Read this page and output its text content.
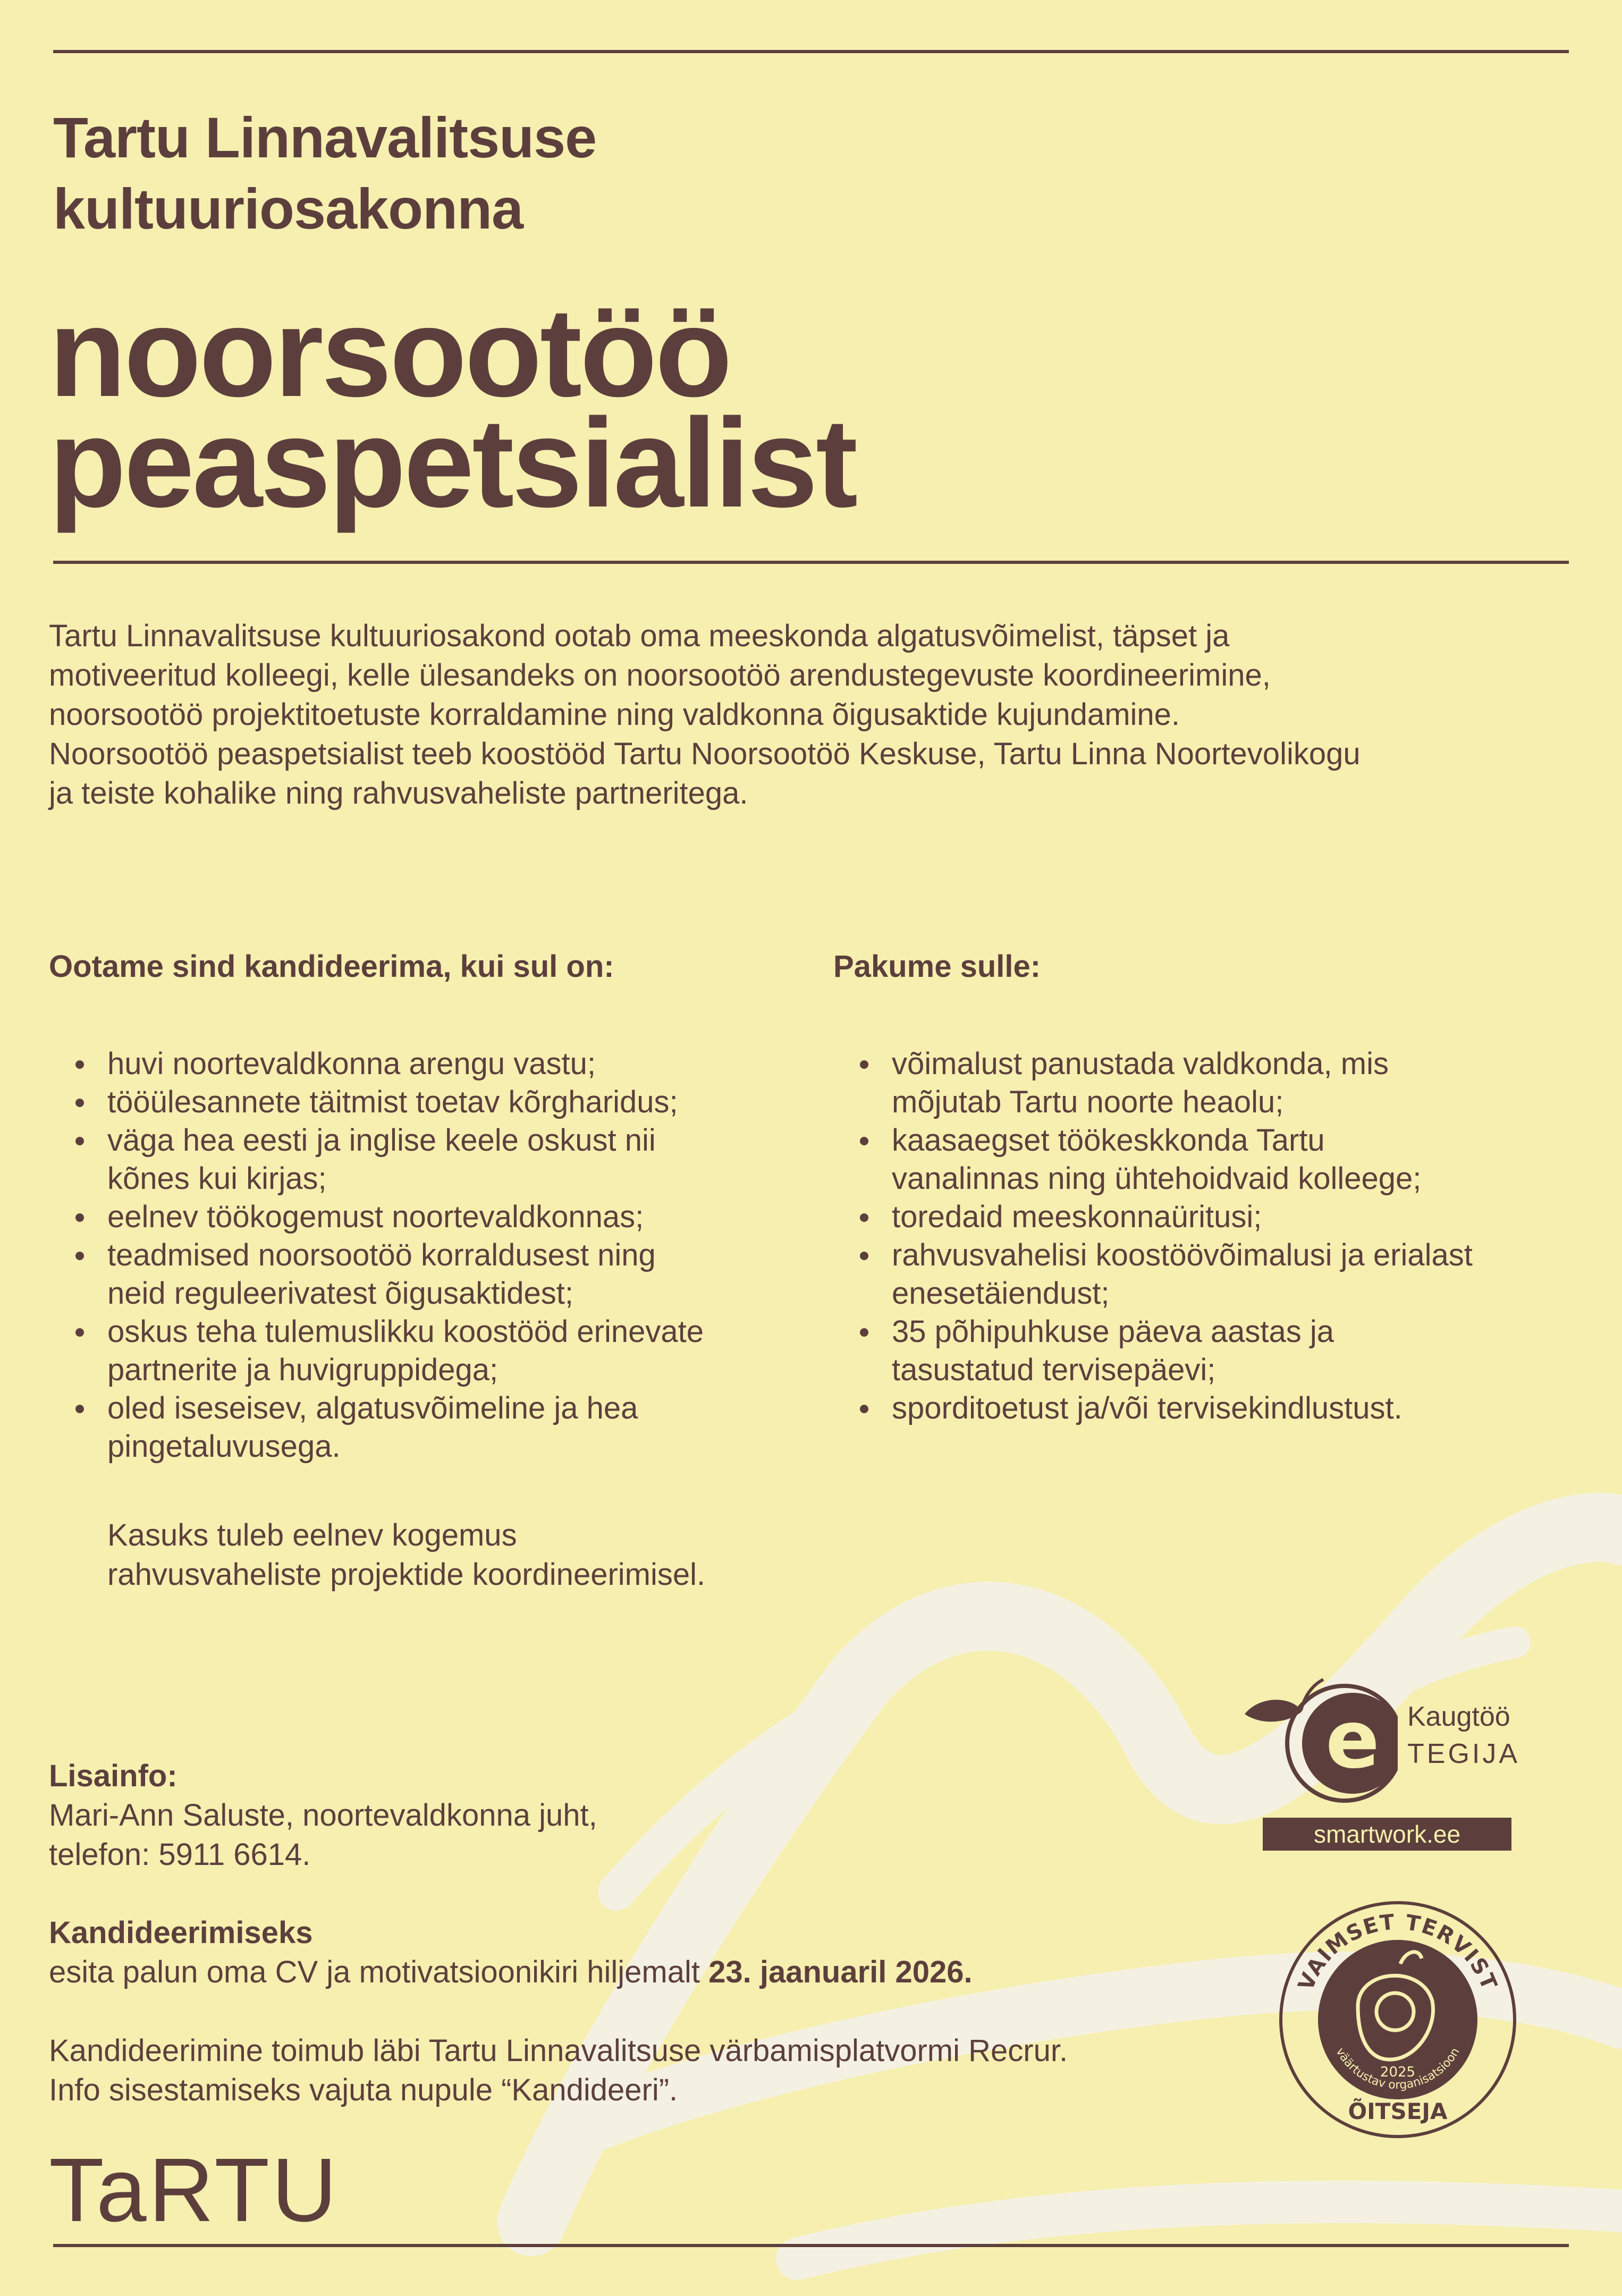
Tartu Linnavalitsuse
kultuuriosakonna
noorsootöö
peaspetsialist
Tartu Linnavalitsuse kultuuriosakond ootab oma meeskonda algatusvõimelist, täpset ja
motiveeritud kolleegi, kelle ülesandeks on noorsootöö arendustegevuste koordineerimine,
noorsootöö projektitoetuste korraldamine ning valdkonna õigusaktide kujundamine.
Noorsootöö peaspetsialist teeb koostööd Tartu Noorsootöö Keskuse, Tartu Linna Noortevolikogu
ja teiste kohalike ning rahvusvaheliste partneritega.
Ootame sind kandideerima, kui sul on:
huvi noortevaldkonna arengu vastu;
tööülesannete täitmist toetav kõrgharidus;
väga hea eesti ja inglise keele oskust nii
kõnes kui kirjas;
eelnev töökogemust noortevaldkonnas;
teadmised noorsootöö korraldusest ning
neid reguleerivatest õigusaktidest;
oskus teha tulemuslikku koostööd erinevate
partnerite ja huvigruppidega;
oled iseseisev, algatusvõimeline ja hea
pingetaluvusega.
Kasuks tuleb eelnev kogemus
rahvusvaheliste projektide koordineerimisel.
Pakume sulle:
võimalust panustada valdkonda, mis
mõjutab Tartu noorte heaolu;
kaasaegset töökeskkonda Tartu
vanalinnas ning ühtehoidvaid kolleege;
toredaid meeskonnaüritusi;
rahvusvahelisi koostöövõimalusi ja erialast
enesetäiendust;
35 põhipuhkuse päeva aastas ja
tasustatud tervisepäevi;
sporditoetust ja/või tervisekindlustust.
Lisainfo:
Mari-Ann Saluste, noortevaldkonna juht,
telefon: 5911 6614.
Kandideerimiseks
esita palun oma CV ja motivatsioonikiri hiljemalt 23. jaanuaril 2026.
Kandideerimine toimub läbi Tartu Linnavalitsuse värbamisplatvormi Recrur.
Info sisestamiseks vajuta nupule “Kandideeri”.
e Kaugtöö
TEGIJA
smartwork.ee
VAIMSET TERVIST
2025
väärtustav organisatsioon
ÕITSEJA
TaRTU
